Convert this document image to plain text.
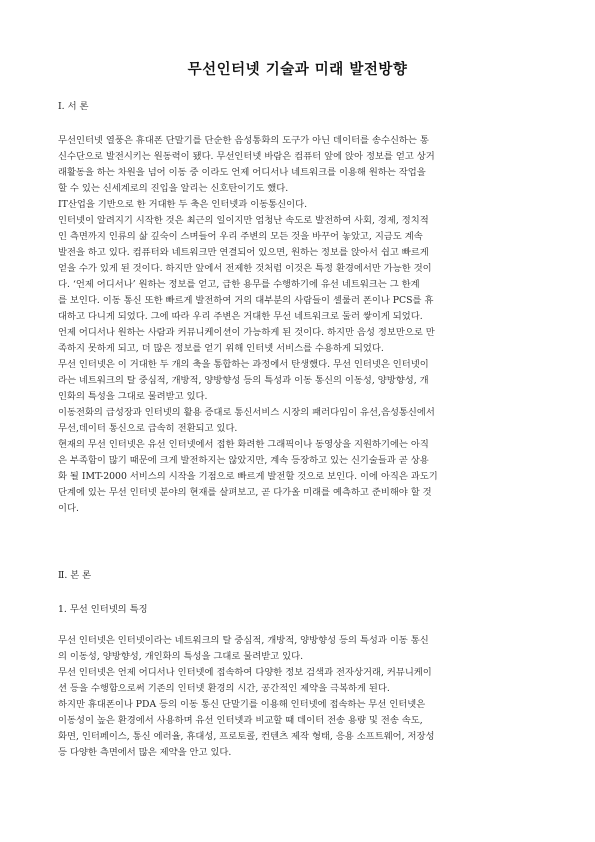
무선인터넷 기술과 미래 발전방향
Ⅰ. 서 론
무선인터넷 열풍은 휴대폰 단말기를 단순한 음성통화의 도구가 아닌 데이터를 송수신하는 통
신수단으로 발전시키는 원동력이 됐다. 무선인터넷 바람은 컴퓨터 앞에 앉아 정보를 얻고 상거
래활동을 하는 차원을 넘어 이동 중 이라도 언제 어디서나 네트워크를 이용해 원하는 작업을
할 수 있는 신세계로의 진입을 알리는 신호탄이기도 했다.
IT산업을 기반으로 한 거대한 두 축은 인터넷과 이동통신이다.
인터넷이 알려지기 시작한 것은 최근의 일이지만 엄청난 속도로 발전하여 사회, 경제, 정치적
인 측면까지 인류의 삶 깊숙이 스며들어 우리 주변의 모든 것을 바꾸어 놓았고, 지금도 계속
발전을 하고 있다. 컴퓨터와 네트워크만 연결되어 있으면, 원하는 정보를 앉아서 쉽고 빠르게
얻을 수가 있게 된 것이다. 하지만 앞에서 전제한 것처럼 이것은 특정 환경에서만 가능한 것이
다. ‘언제 어디서나’ 원하는 정보를 얻고, 급한 용무를 수행하기에 유선 네트워크는 그 한계
를 보인다. 이동 통신 또한 빠르게 발전하여 거의 대부분의 사람들이 셀룰러 폰이나 PCS를 휴
대하고 다니게 되었다. 그에 따라 우리 주변은 거대한 무선 네트워크로 둘러 쌓이게 되었다.
언제 어디서나 원하는 사람과 커뮤니케이션이 가능하게 된 것이다. 하지만 음성 정보만으로 만
족하지 못하게 되고, 더 많은 정보를 얻기 위해 인터넷 서비스를 수용하게 되었다.
무선 인터넷은 이 거대한 두 개의 축을 통합하는 과정에서 탄생했다. 무선 인터넷은 인터넷이
라는 네트워크의 탈 중심적, 개방적, 양방향성 등의 특성과 이동 통신의 이동성, 양방향성, 개
인화의 특성을 그대로 물려받고 있다.
이동전화의 급성장과 인터넷의 활용 증대로 통신서비스 시장의 패러다임이 유선,음성통신에서
무선,데이터 통신으로 급속히 전환되고 있다.
현재의 무선 인터넷은 유선 인터넷에서 접한 화려한 그래픽이나 동영상을 지원하기에는 아직
은 부족함이 많기 때문에 크게 발전하지는 않았지만, 계속 등장하고 있는 신기술들과 곧 상용
화 될 IMT-2000 서비스의 시작을 기점으로 빠르게 발전할 것으로 보인다. 이에 아직은 과도기
단계에 있는 무선 인터넷 분야의 현재를 살펴보고, 곧 다가올 미래를 예측하고 준비해야 할 것
이다.
Ⅱ. 본 론
1. 무선 인터넷의 특징
무선 인터넷은 인터넷이라는 네트워크의 탈 중심적, 개방적, 양방향성 등의 특성과 이동 통신
의 이동성, 양방향성, 개인화의 특성을 그대로 물려받고 있다.
무선 인터넷은 언제 어디서나 인터넷에 접속하여 다양한 정보 검색과 전자상거래, 커뮤니케이
션 등을 수행함으로써 기존의 인터넷 환경의 시간, 공간적인 제약을 극복하게 된다.
하지만 휴대폰이나 PDA 등의 이동 통신 단말기를 이용해 인터넷에 접속하는 무선 인터넷은
이동성이 높은 환경에서 사용하며 유선 인터넷과 비교할 때 데이터 전송 용량 및 전송 속도,
화면, 인터페이스, 통신 에러율, 휴대성, 프로토콜, 컨텐츠 제작 형태, 응용 소프트웨어, 저장성
등 다양한 측면에서 많은 제약을 안고 있다.
